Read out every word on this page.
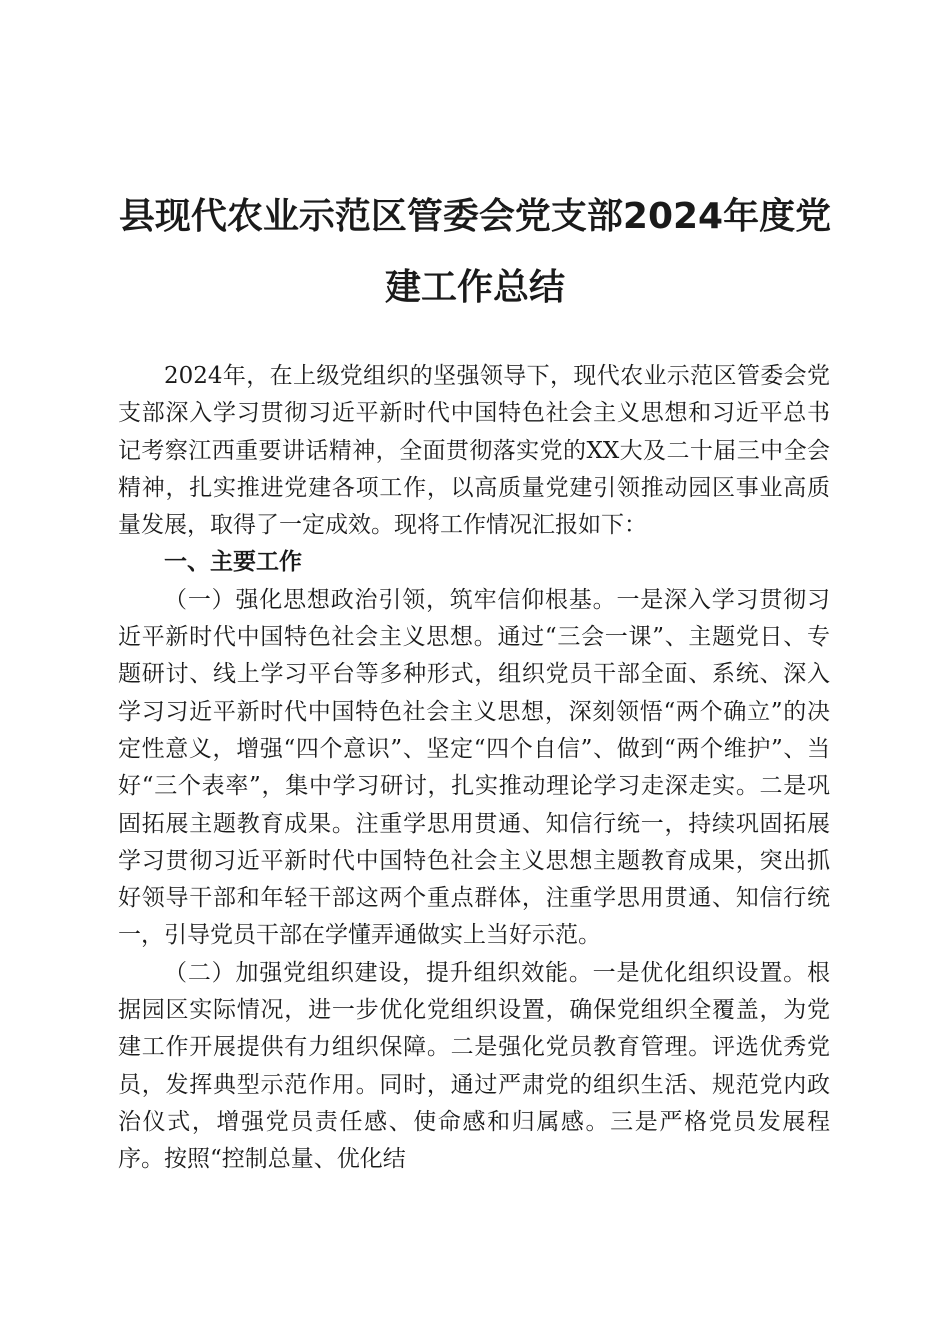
县现代农业示范区管委会党支部2024年度党
建工作总结

2024年，在上级党组织的坚强领导下，现代农业示范区管委会党支部深入学习贯彻习近平新时代中国特色社会主义思想和习近平总书记考察江西重要讲话精神，全面贯彻落实党的XX大及二十届三中全会精神，扎实推进党建各项工作，以高质量党建引领推动园区事业高质量发展，取得了一定成效。现将工作情况汇报如下：

一、主要工作

（一）强化思想政治引领，筑牢信仰根基。一是深入学习贯彻习近平新时代中国特色社会主义思想。通过“三会一课”、主题党日、专题研讨、线上学习平台等多种形式，组织党员干部全面、系统、深入学习习近平新时代中国特色社会主义思想，深刻领悟“两个确立”的决定性意义，增强“四个意识”、坚定“四个自信”、做到“两个维护”、当好“三个表率”，集中学习研讨，扎实推动理论学习走深走实。二是巩固拓展主题教育成果。注重学思用贯通、知信行统一，持续巩固拓展学习贯彻习近平新时代中国特色社会主义思想主题教育成果，突出抓好领导干部和年轻干部这两个重点群体，注重学思用贯通、知信行统一，引导党员干部在学懂弄通做实上当好示范。

（二）加强党组织建设，提升组织效能。一是优化组织设置。根据园区实际情况，进一步优化党组织设置，确保党组织全覆盖，为党建工作开展提供有力组织保障。二是强化党员教育管理。评选优秀党员，发挥典型示范作用。同时，通过严肃党的组织生活、规范党内政治仪式，增强党员责任感、使命感和归属感。三是严格党员发展程序。按照“控制总量、优化结
